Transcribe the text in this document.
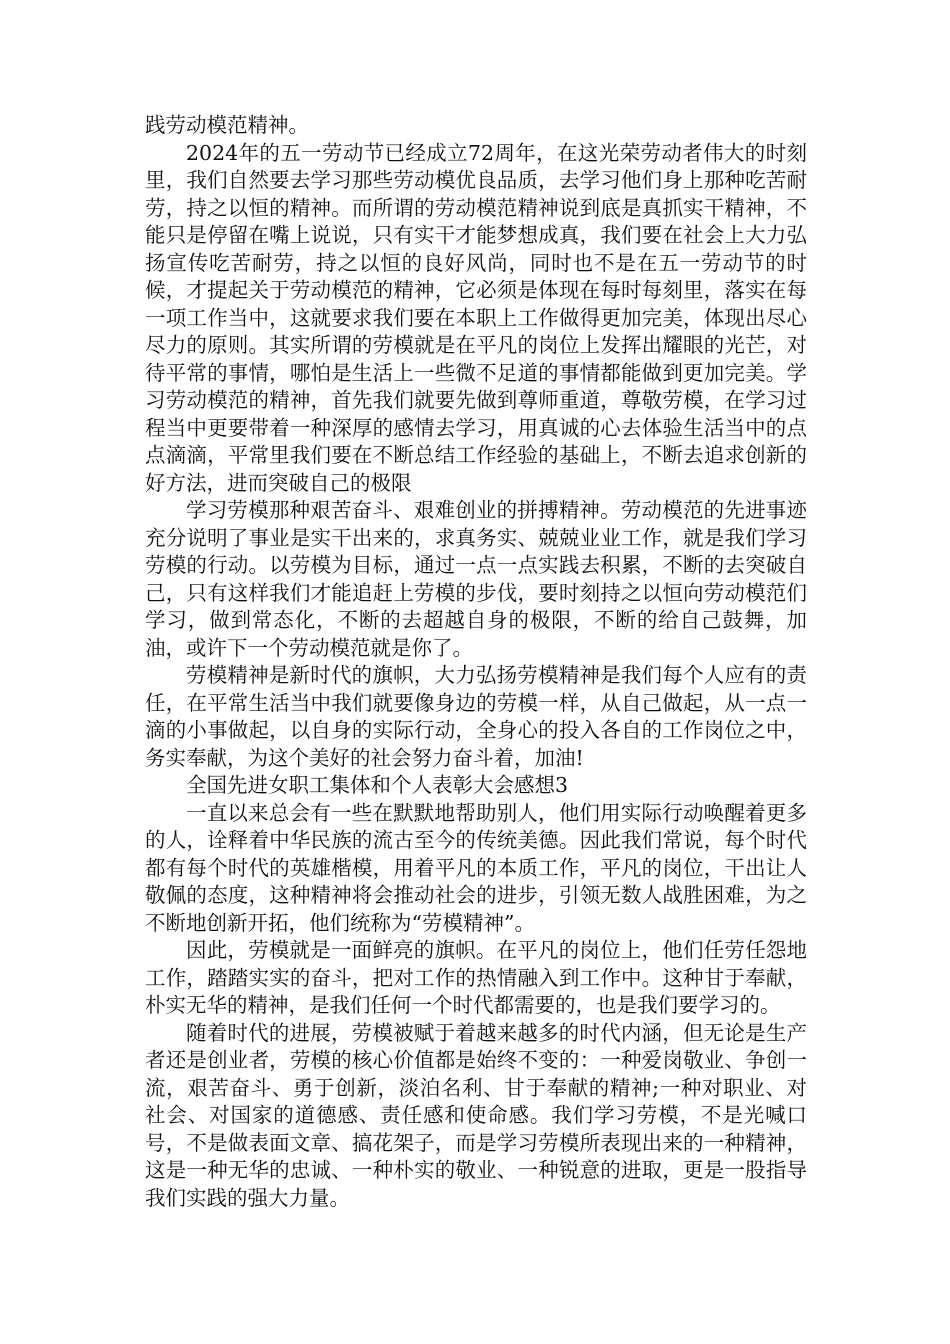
践劳动模范精神。

2024年的五一劳动节已经成立72周年，在这光荣劳动者伟大的时刻里，我们自然要去学习那些劳动模优良品质，去学习他们身上那种吃苦耐劳，持之以恒的精神。而所谓的劳动模范精神说到底是真抓实干精神，不能只是停留在嘴上说说，只有实干才能梦想成真，我们要在社会上大力弘扬宣传吃苦耐劳，持之以恒的良好风尚，同时也不是在五一劳动节的时候，才提起关于劳动模范的精神，它必须是体现在每时每刻里，落实在每一项工作当中，这就要求我们要在本职上工作做得更加完美，体现出尽心尽力的原则。其实所谓的劳模就是在平凡的岗位上发挥出耀眼的光芒，对待平常的事情，哪怕是生活上一些微不足道的事情都能做到更加完美。学习劳动模范的精神，首先我们就要先做到尊师重道，尊敬劳模，在学习过程当中更要带着一种深厚的感情去学习，用真诚的心去体验生活当中的点点滴滴，平常里我们要在不断总结工作经验的基础上，不断去追求创新的好方法，进而突破自己的极限

学习劳模那种艰苦奋斗、艰难创业的拼搏精神。劳动模范的先进事迹充分说明了事业是实干出来的，求真务实、兢兢业业工作，就是我们学习劳模的行动。以劳模为目标，通过一点一点实践去积累，不断的去突破自己，只有这样我们才能追赶上劳模的步伐，要时刻持之以恒向劳动模范们学习，做到常态化，不断的去超越自身的极限，不断的给自己鼓舞，加油，或许下一个劳动模范就是你了。

劳模精神是新时代的旗帜，大力弘扬劳模精神是我们每个人应有的责任，在平常生活当中我们就要像身边的劳模一样，从自己做起，从一点一滴的小事做起，以自身的实际行动，全身心的投入各自的工作岗位之中，务实奉献，为这个美好的社会努力奋斗着，加油!

全国先进女职工集体和个人表彰大会感想3

一直以来总会有一些在默默地帮助别人，他们用实际行动唤醒着更多的人，诠释着中华民族的流古至今的传统美德。因此我们常说，每个时代都有每个时代的英雄楷模，用着平凡的本质工作，平凡的岗位，干出让人敬佩的态度，这种精神将会推动社会的进步，引领无数人战胜困难，为之不断地创新开拓，他们统称为“劳模精神”。

因此，劳模就是一面鲜亮的旗帜。在平凡的岗位上，他们任劳任怨地工作，踏踏实实的奋斗，把对工作的热情融入到工作中。这种甘于奉献，朴实无华的精神，是我们任何一个时代都需要的，也是我们要学习的。

随着时代的进展，劳模被赋于着越来越多的时代内涵，但无论是生产者还是创业者，劳模的核心价值都是始终不变的：一种爱岗敬业、争创一流，艰苦奋斗、勇于创新，淡泊名利、甘于奉献的精神;一种对职业、对社会、对国家的道德感、责任感和使命感。我们学习劳模，不是光喊口号，不是做表面文章、搞花架子，而是学习劳模所表现出来的一种精神，这是一种无华的忠诚、一种朴实的敬业、一种锐意的进取，更是一股指导我们实践的强大力量。
